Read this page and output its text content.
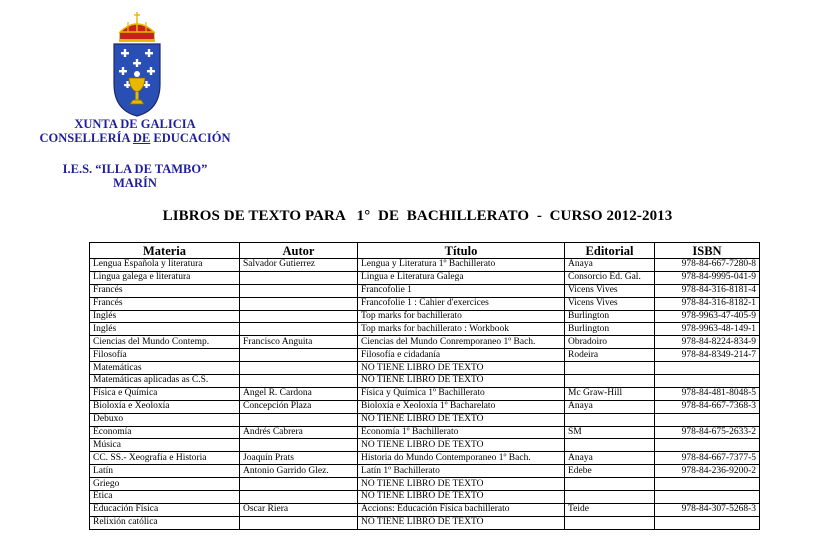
XUNTA DE GALICIA
CONSELLERÍA DE EDUCACIÓN
I.E.S. “ILLA DE TAMBO”
MARÍN
LIBROS DE TEXTO PARA   1°  DE  BACHILLERATO  -  CURSO 2012-2013
Materia	Autor	Título	Editorial	ISBN
Lengua Española y literatura	Salvador Gutierrez	Lengua y Literatura 1º Bachillerato	Anaya	978-84-667-7280-8
Lingua galega e literatura		Lingua e Literatura Galega	Consorcio Ed. Gal.	978-84-9995-041-9
Francés		Francofolie 1	Vicens Vives	978-84-316-8181-4
Francés		Francofolie 1 : Cahier d'exercices	Vicens Vives	978-84-316-8182-1
Inglés		Top marks for bachillerato	Burlington	978-9963-47-405-9
Inglés		Top marks for bachillerato : Workbook	Burlington	978-9963-48-149-1
Ciencias del Mundo Contemp.	Francisco Anguita	Ciencias del Mundo Conremporaneo 1º Bach.	Obradoiro	978-84-8224-834-9
Filosofía		Filosofía e cidadanía	Rodeira	978-84-8349-214-7
Matemáticas		NO TIENE LIBRO DE TEXTO		
Matemáticas aplicadas as C.S.		NO TIENE LIBRO DE TEXTO		
Física e Química	Angel R. Cardona	Física y Química 1º Bachillerato	Mc Graw-Hill	978-84-481-8048-5
Bioloxía e Xeoloxía	Concepción Plaza	Bioloxía e Xeoloxía 1º Bacharelato	Anaya	978-84-667-7368-3
Debuxo		NO TIENE LIBRO DE TEXTO		
Economía	Andrés Cabrera	Economía 1º Bachillerato	SM	978-84-675-2633-2
Música		NO TIENE LIBRO DE TEXTO		
CC. SS.- Xeografía e Historia	Joaquín Prats	Historia do Mundo Contemporaneo 1º Bach.	Anaya	978-84-667-7377-5
Latín	Antonio Garrido Glez.	Latín 1º Bachillerato	Edebe	978-84-236-9200-2
Griego		NO TIENE LIBRO DE TEXTO		
Etica		NO TIENE LIBRO DE TEXTO		
Educación Física	Oscar Riera	Accions: Educación Física bachillerato	Teide	978-84-307-5268-3
Relixión católica		NO TIENE LIBRO DE TEXTO		
